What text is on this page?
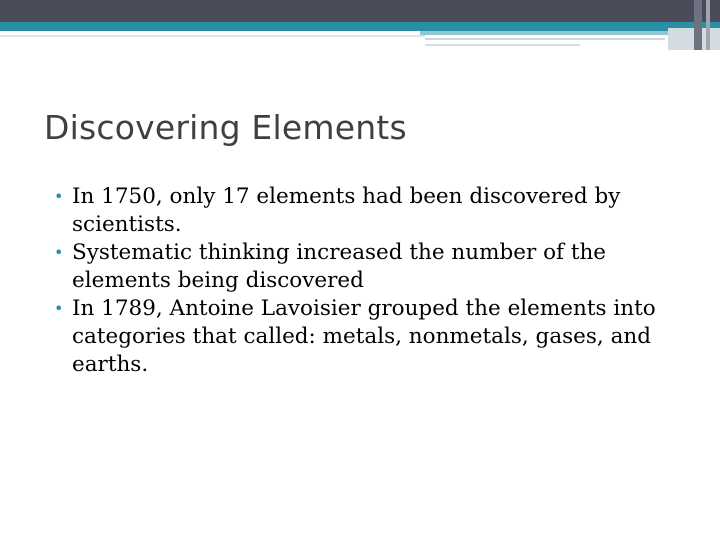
Discovering Elements
• In 1750, only 17 elements had been discovered by scientists.
• Systematic thinking increased the number of the elements being discovered
• In 1789, Antoine Lavoisier grouped the elements into categories that called: metals, nonmetals, gases, and earths.
